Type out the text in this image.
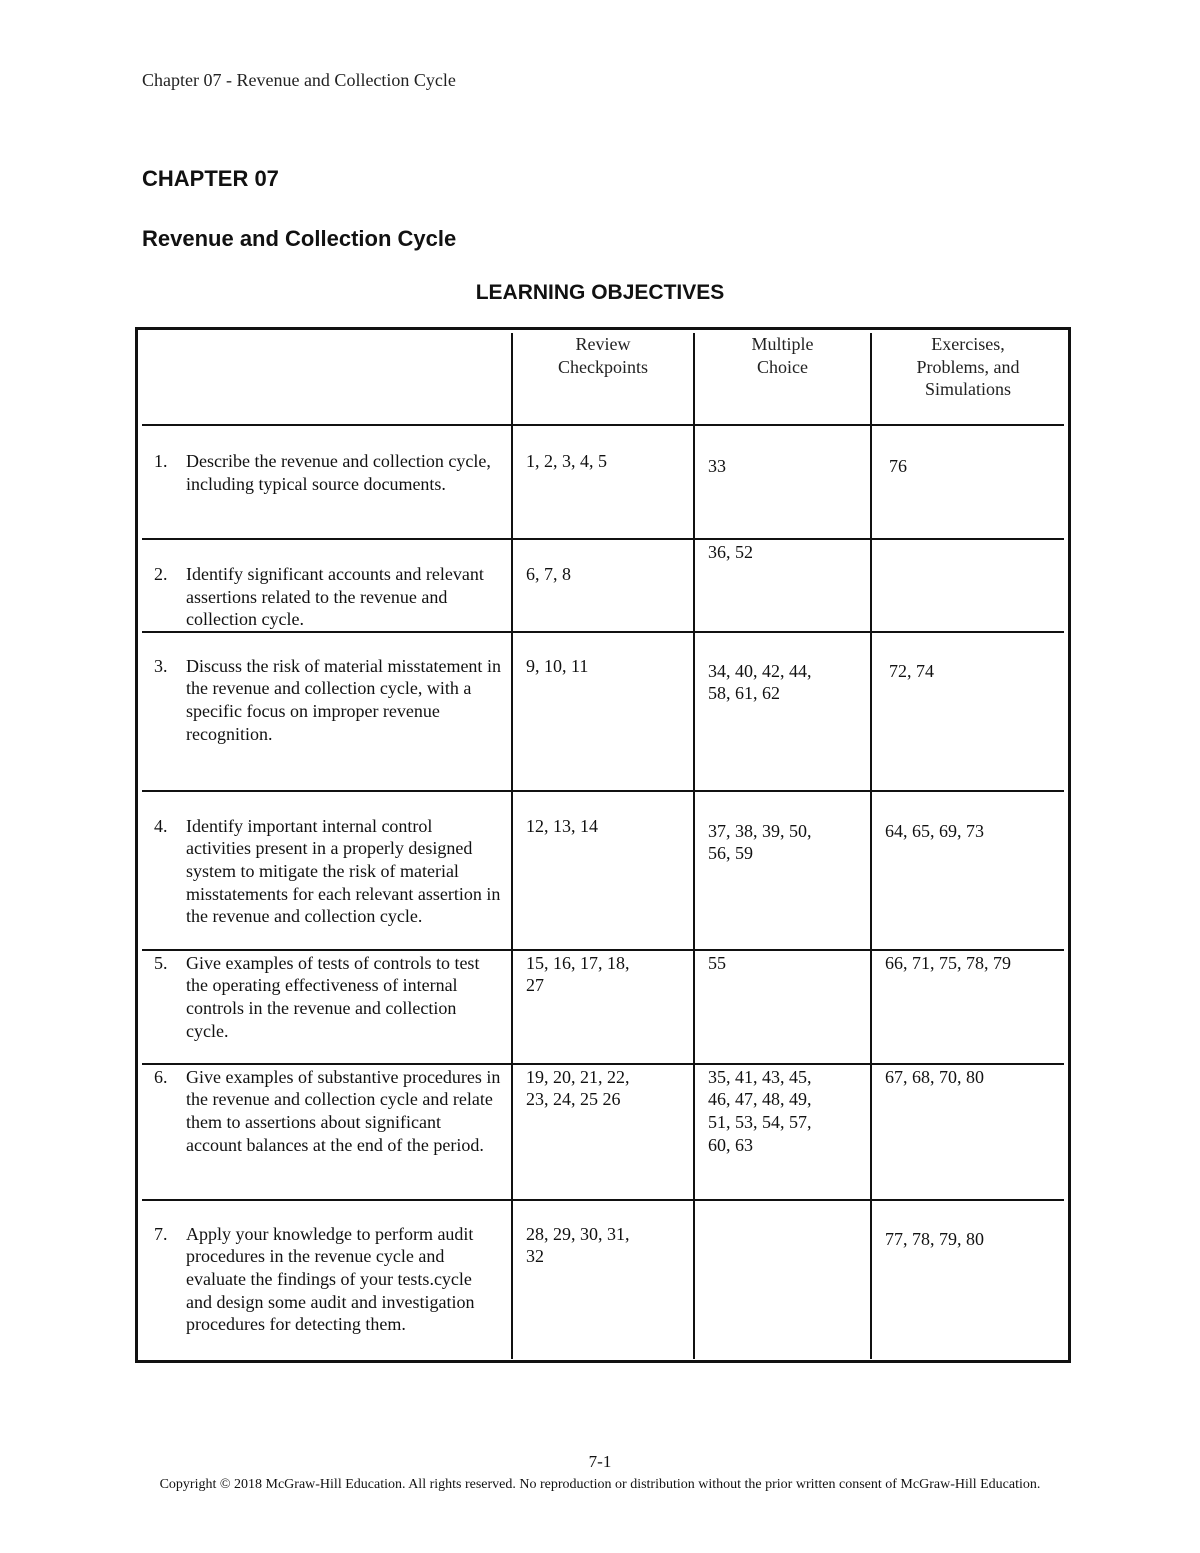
Chapter 07 - Revenue and Collection Cycle
CHAPTER 07
Revenue and Collection Cycle
LEARNING OBJECTIVES

	Review
Checkpoints	Multiple
Choice	Exercises,
Problems, and
Simulations

1. Describe the revenue and collection cycle, including typical source documents.	1, 2, 3, 4, 5	33	76

2. Identify significant accounts and relevant assertions related to the revenue and collection cycle.	6, 7, 8	36, 52	

3. Discuss the risk of material misstatement in the revenue and collection cycle, with a specific focus on improper revenue recognition.	9, 10, 11	34, 40, 42, 44,
58, 61, 62	72, 74

4. Identify important internal control activities present in a properly designed system to mitigate the risk of material misstatements for each relevant assertion in the revenue and collection cycle.	12, 13, 14	37, 38, 39, 50,
56, 59	64, 65, 69, 73

5. Give examples of tests of controls to test the operating effectiveness of internal controls in the revenue and collection cycle.	15, 16, 17, 18,
27	55	66, 71, 75, 78, 79

6. Give examples of substantive procedures in the revenue and collection cycle and relate them to assertions about significant account balances at the end of the period.	19, 20, 21, 22,
23, 24, 25 26	35, 41, 43, 45,
46, 47, 48, 49,
51, 53, 54, 57,
60, 63	67, 68, 70, 80

7. Apply your knowledge to perform audit procedures in the revenue cycle and evaluate the findings of your tests.cycle and design some audit and investigation procedures for detecting them.	28, 29, 30, 31,
32		77, 78, 79, 80
7-1
Copyright © 2018 McGraw-Hill Education. All rights reserved. No reproduction or distribution without the prior written consent of McGraw-Hill Education.
